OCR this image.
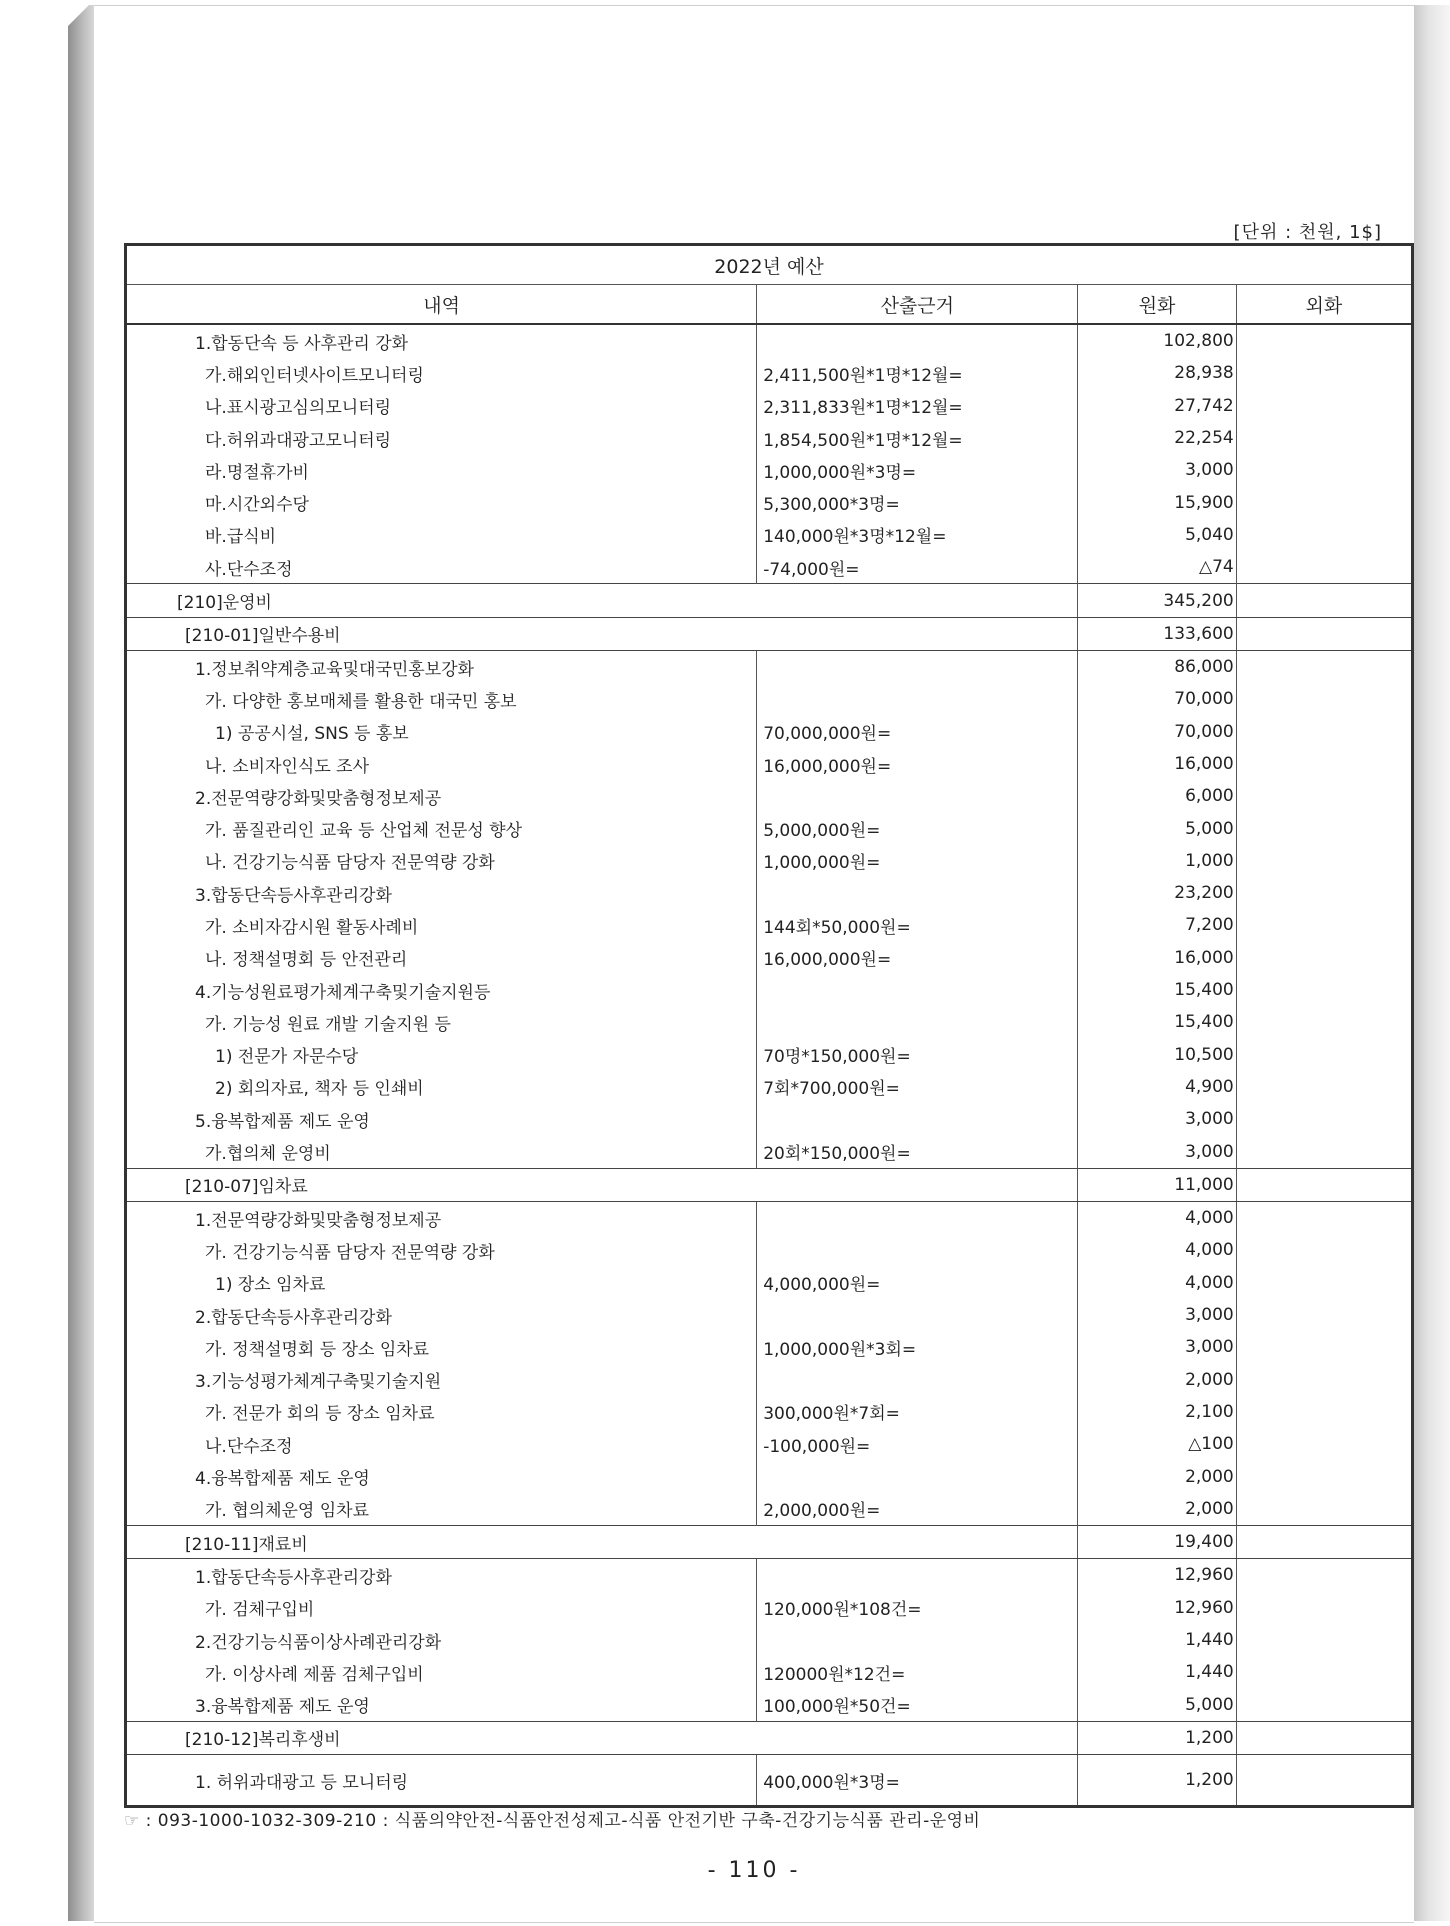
[단위 : 천원, 1$]
2022년 예산			
내역	산출근거	원화	외화
1.합동단속 등 사후관리 강화		102,800	
가.해외인터넷사이트모니터링	2,411,500원*1명*12월=	28,938	
나.표시광고심의모니터링	2,311,833원*1명*12월=	27,742	
다.허위과대광고모니터링	1,854,500원*1명*12월=	22,254	
라.명절휴가비	1,000,000원*3명=	3,000	
마.시간외수당	5,300,000*3명=	15,900	
바.급식비	140,000원*3명*12월=	5,040	
사.단수조정	-74,000원=	△74	
[210]운영비		345,200	
[210-01]일반수용비		133,600	
1.정보취약계층교육및대국민홍보강화		86,000	
가. 다양한 홍보매체를 활용한 대국민 홍보		70,000	
1) 공공시설, SNS 등 홍보	70,000,000원=	70,000	
나. 소비자인식도 조사	16,000,000원=	16,000	
2.전문역량강화및맞춤형정보제공		6,000	
가. 품질관리인 교육 등 산업체 전문성 향상	5,000,000원=	5,000	
나. 건강기능식품 담당자 전문역량 강화	1,000,000원=	1,000	
3.합동단속등사후관리강화		23,200	
가. 소비자감시원 활동사례비	144회*50,000원=	7,200	
나. 정책설명회 등 안전관리	16,000,000원=	16,000	
4.기능성원료평가체계구축및기술지원등		15,400	
가. 기능성 원료 개발 기술지원 등		15,400	
1) 전문가 자문수당	70명*150,000원=	10,500	
2) 회의자료, 책자 등 인쇄비	7회*700,000원=	4,900	
5.융복합제품 제도 운영		3,000	
가.협의체 운영비	20회*150,000원=	3,000	
[210-07]임차료		11,000	
1.전문역량강화및맞춤형정보제공		4,000	
가. 건강기능식품 담당자 전문역량 강화		4,000	
1) 장소 임차료	4,000,000원=	4,000	
2.합동단속등사후관리강화		3,000	
가. 정책설명회 등 장소 임차료	1,000,000원*3회=	3,000	
3.기능성평가체계구축및기술지원		2,000	
가. 전문가 회의 등 장소 임차료	300,000원*7회=	2,100	
나.단수조정	-100,000원=	△100	
4.융복합제품 제도 운영		2,000	
가. 협의체운영 임차료	2,000,000원=	2,000	
[210-11]재료비		19,400	
1.합동단속등사후관리강화		12,960	
가. 검체구입비	120,000원*108건=	12,960	
2.건강기능식품이상사례관리강화		1,440	
가. 이상사례 제품 검체구입비	120000원*12건=	1,440	
3.융복합제품 제도 운영	100,000원*50건=	5,000	
[210-12]복리후생비		1,200	
1. 허위과대광고 등 모니터링	400,000원*3명=	1,200	
☞ : 093-1000-1032-309-210 : 식품의약안전-식품안전성제고-식품 안전기반 구축-건강기능식품 관리-운영비
- 110 -
